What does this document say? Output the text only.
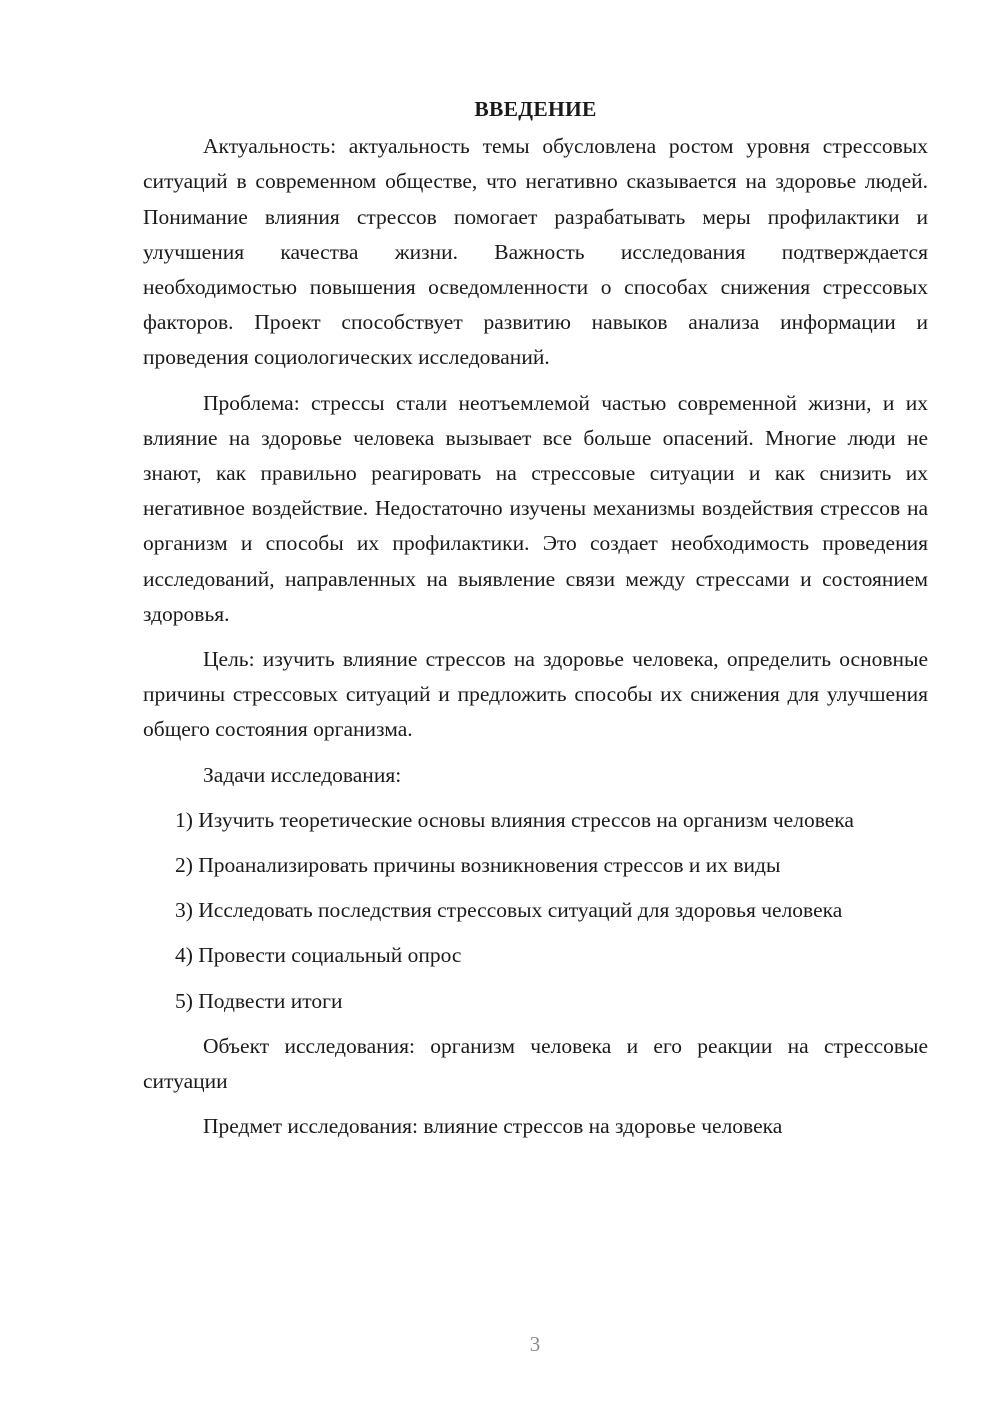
ВВЕДЕНИЕ

Актуальность: актуальность темы обусловлена ростом уровня стрессовых ситуаций в современном обществе, что негативно сказывается на здоровье людей. Понимание влияния стрессов помогает разрабатывать меры профилактики и улучшения качества жизни. Важность исследования подтверждается необходимостью повышения осведомленности о способах снижения стрессовых факторов. Проект способствует развитию навыков анализа информации и проведения социологических исследований.

Проблема: стрессы стали неотъемлемой частью современной жизни, и их влияние на здоровье человека вызывает все больше опасений. Многие люди не знают, как правильно реагировать на стрессовые ситуации и как снизить их негативное воздействие. Недостаточно изучены механизмы воздействия стрессов на организм и способы их профилактики. Это создает необходимость проведения исследований, направленных на выявление связи между стрессами и состоянием здоровья.

Цель: изучить влияние стрессов на здоровье человека, определить основные причины стрессовых ситуаций и предложить способы их снижения для улучшения общего состояния организма.

Задачи исследования:

1) Изучить теоретические основы влияния стрессов на организм человека

2) Проанализировать причины возникновения стрессов и их виды

3) Исследовать последствия стрессовых ситуаций для здоровья человека

4) Провести социальный опрос

5) Подвести итоги

Объект исследования: организм человека и его реакции на стрессовые ситуации

Предмет исследования: влияние стрессов на здоровье человека

3
